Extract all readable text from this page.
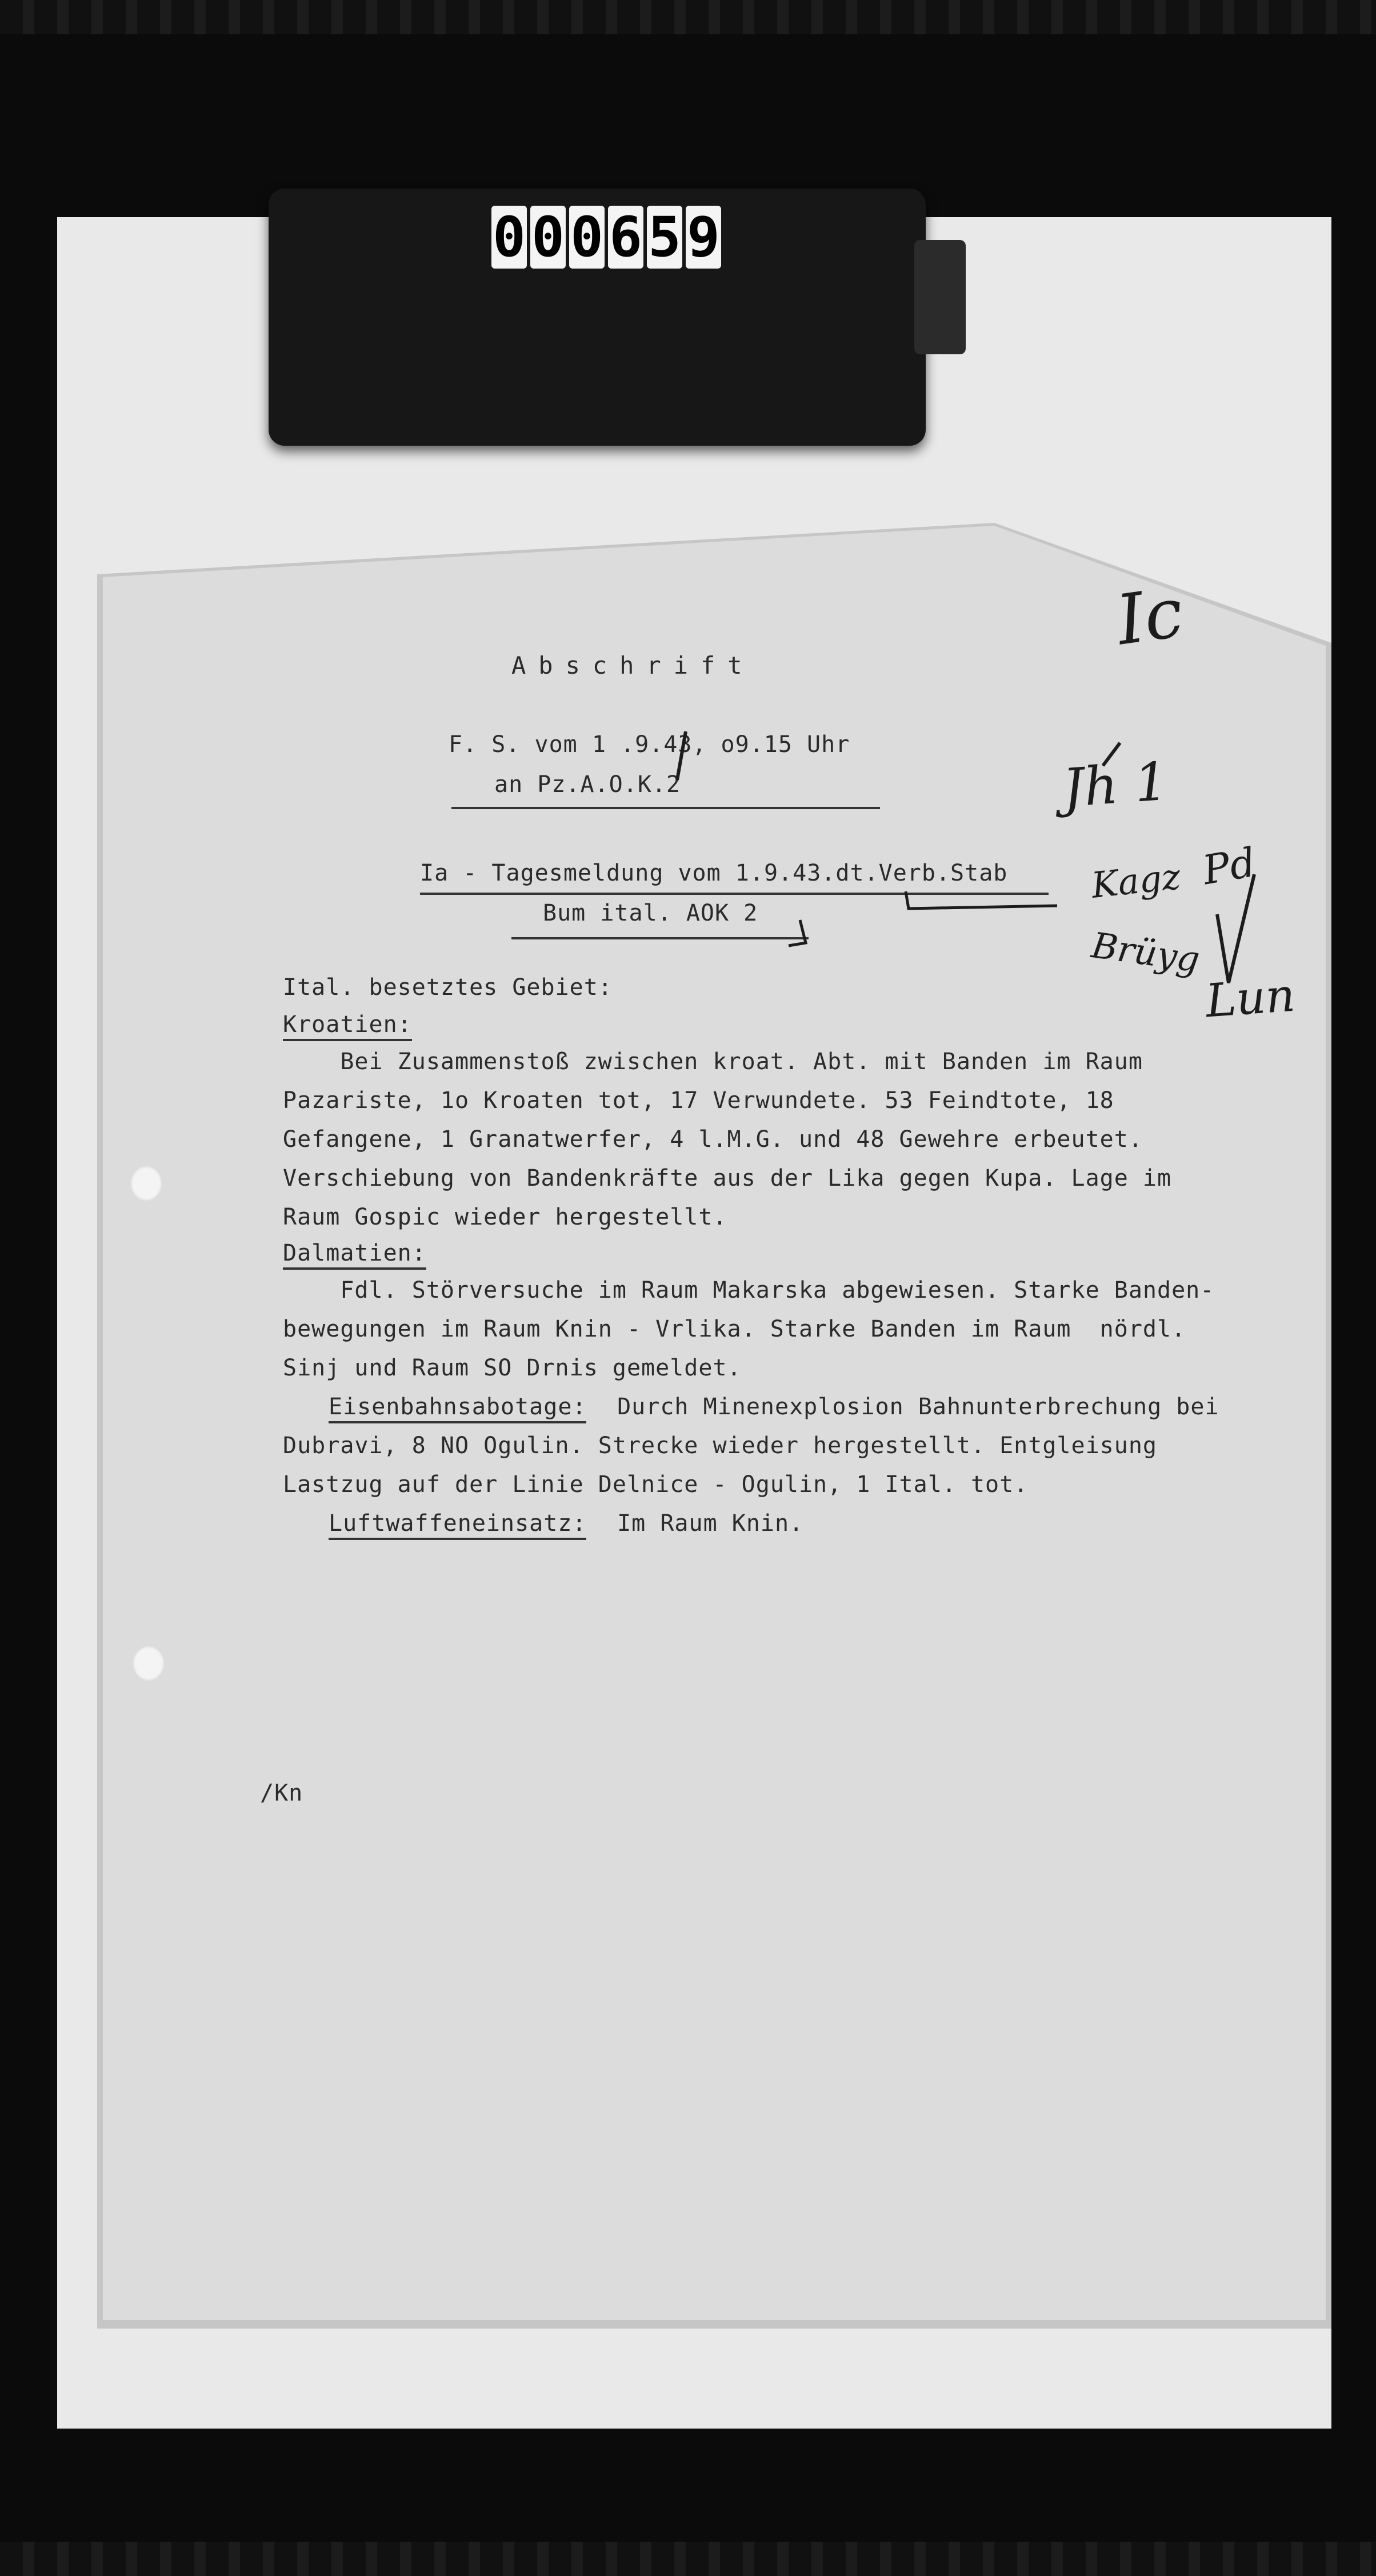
0 0 0 6 5 9
Abschrift
F. S. vom 1 .9.43, o9.15 Uhr
an Pz.A.O.K.2
Ia - Tagesmeldung vom 1.9.43.dt.Verb.Stab
Bum ital. AOK 2
Ital. besetztes Gebiet:
Kroatien:
Bei Zusammenstoß zwischen kroat. Abt. mit Banden im Raum
Pazariste, 1o Kroaten tot, 17 Verwundete. 53 Feindtote, 18
Gefangene, 1 Granatwerfer, 4 l.M.G. und 48 Gewehre erbeutet.
Verschiebung von Bandenkräfte aus der Lika gegen Kupa. Lage im
Raum Gospic wieder hergestellt.
Dalmatien:
Fdl. Störversuche im Raum Makarska abgewiesen. Starke Banden-
bewegungen im Raum Knin - Vrlika. Starke Banden im Raum  nördl.
Sinj und Raum SO Drnis gemeldet.
Eisenbahnsabotage: Durch Minenexplosion Bahnunterbrechung bei
Dubravi, 8 NO Ogulin. Strecke wieder hergestellt. Entgleisung
Lastzug auf der Linie Delnice - Ogulin, 1 Ital. tot.
Luftwaffeneinsatz: Im Raum Knin.
/Kn
Ic
Jh 1
Kagz Pd
Brüyg
Lun
